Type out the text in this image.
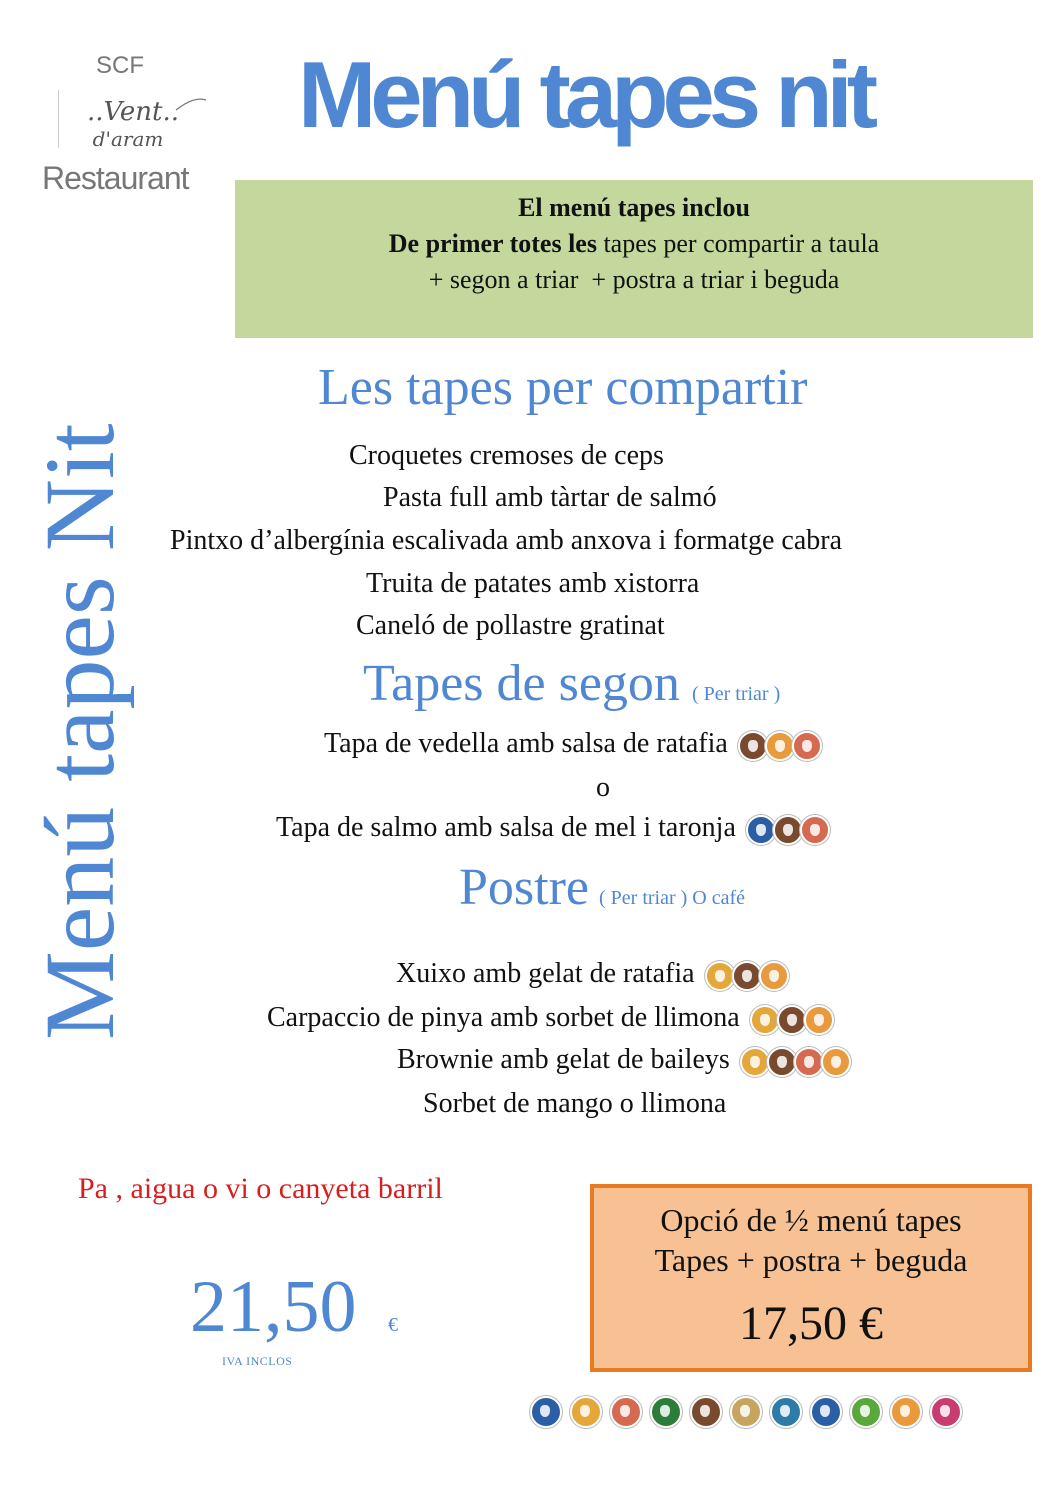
SCF
..Vent..
d'aram
Restaurant
Menú tapes nit
El menú tapes inclou
De primer totes les tapes per compartir a taula
+ segon a triar  + postra a triar i beguda
Menú tapes Nit
Les tapes per compartir
Croquetes cremoses de ceps
Pasta full amb tàrtar de salmó
Pintxo d’albergínia escalivada amb anxova i formatge cabra
Truita de patates amb xistorra
Caneló de pollastre gratinat
Tapes de segon ( Per triar )
Tapa de vedella amb salsa de ratafia
o
Tapa de salmo amb salsa de mel i taronja
Postre ( Per triar ) O café
Xuixo amb gelat de ratafia
Carpaccio de pinya amb sorbet de llimona
Brownie amb gelat de baileys
Sorbet de mango o llimona
Pa , aigua o vi o canyeta barril
21,50 €
IVA INCLOS
Opció de ½ menú tapes
Tapes + postra + beguda
17,50 €
